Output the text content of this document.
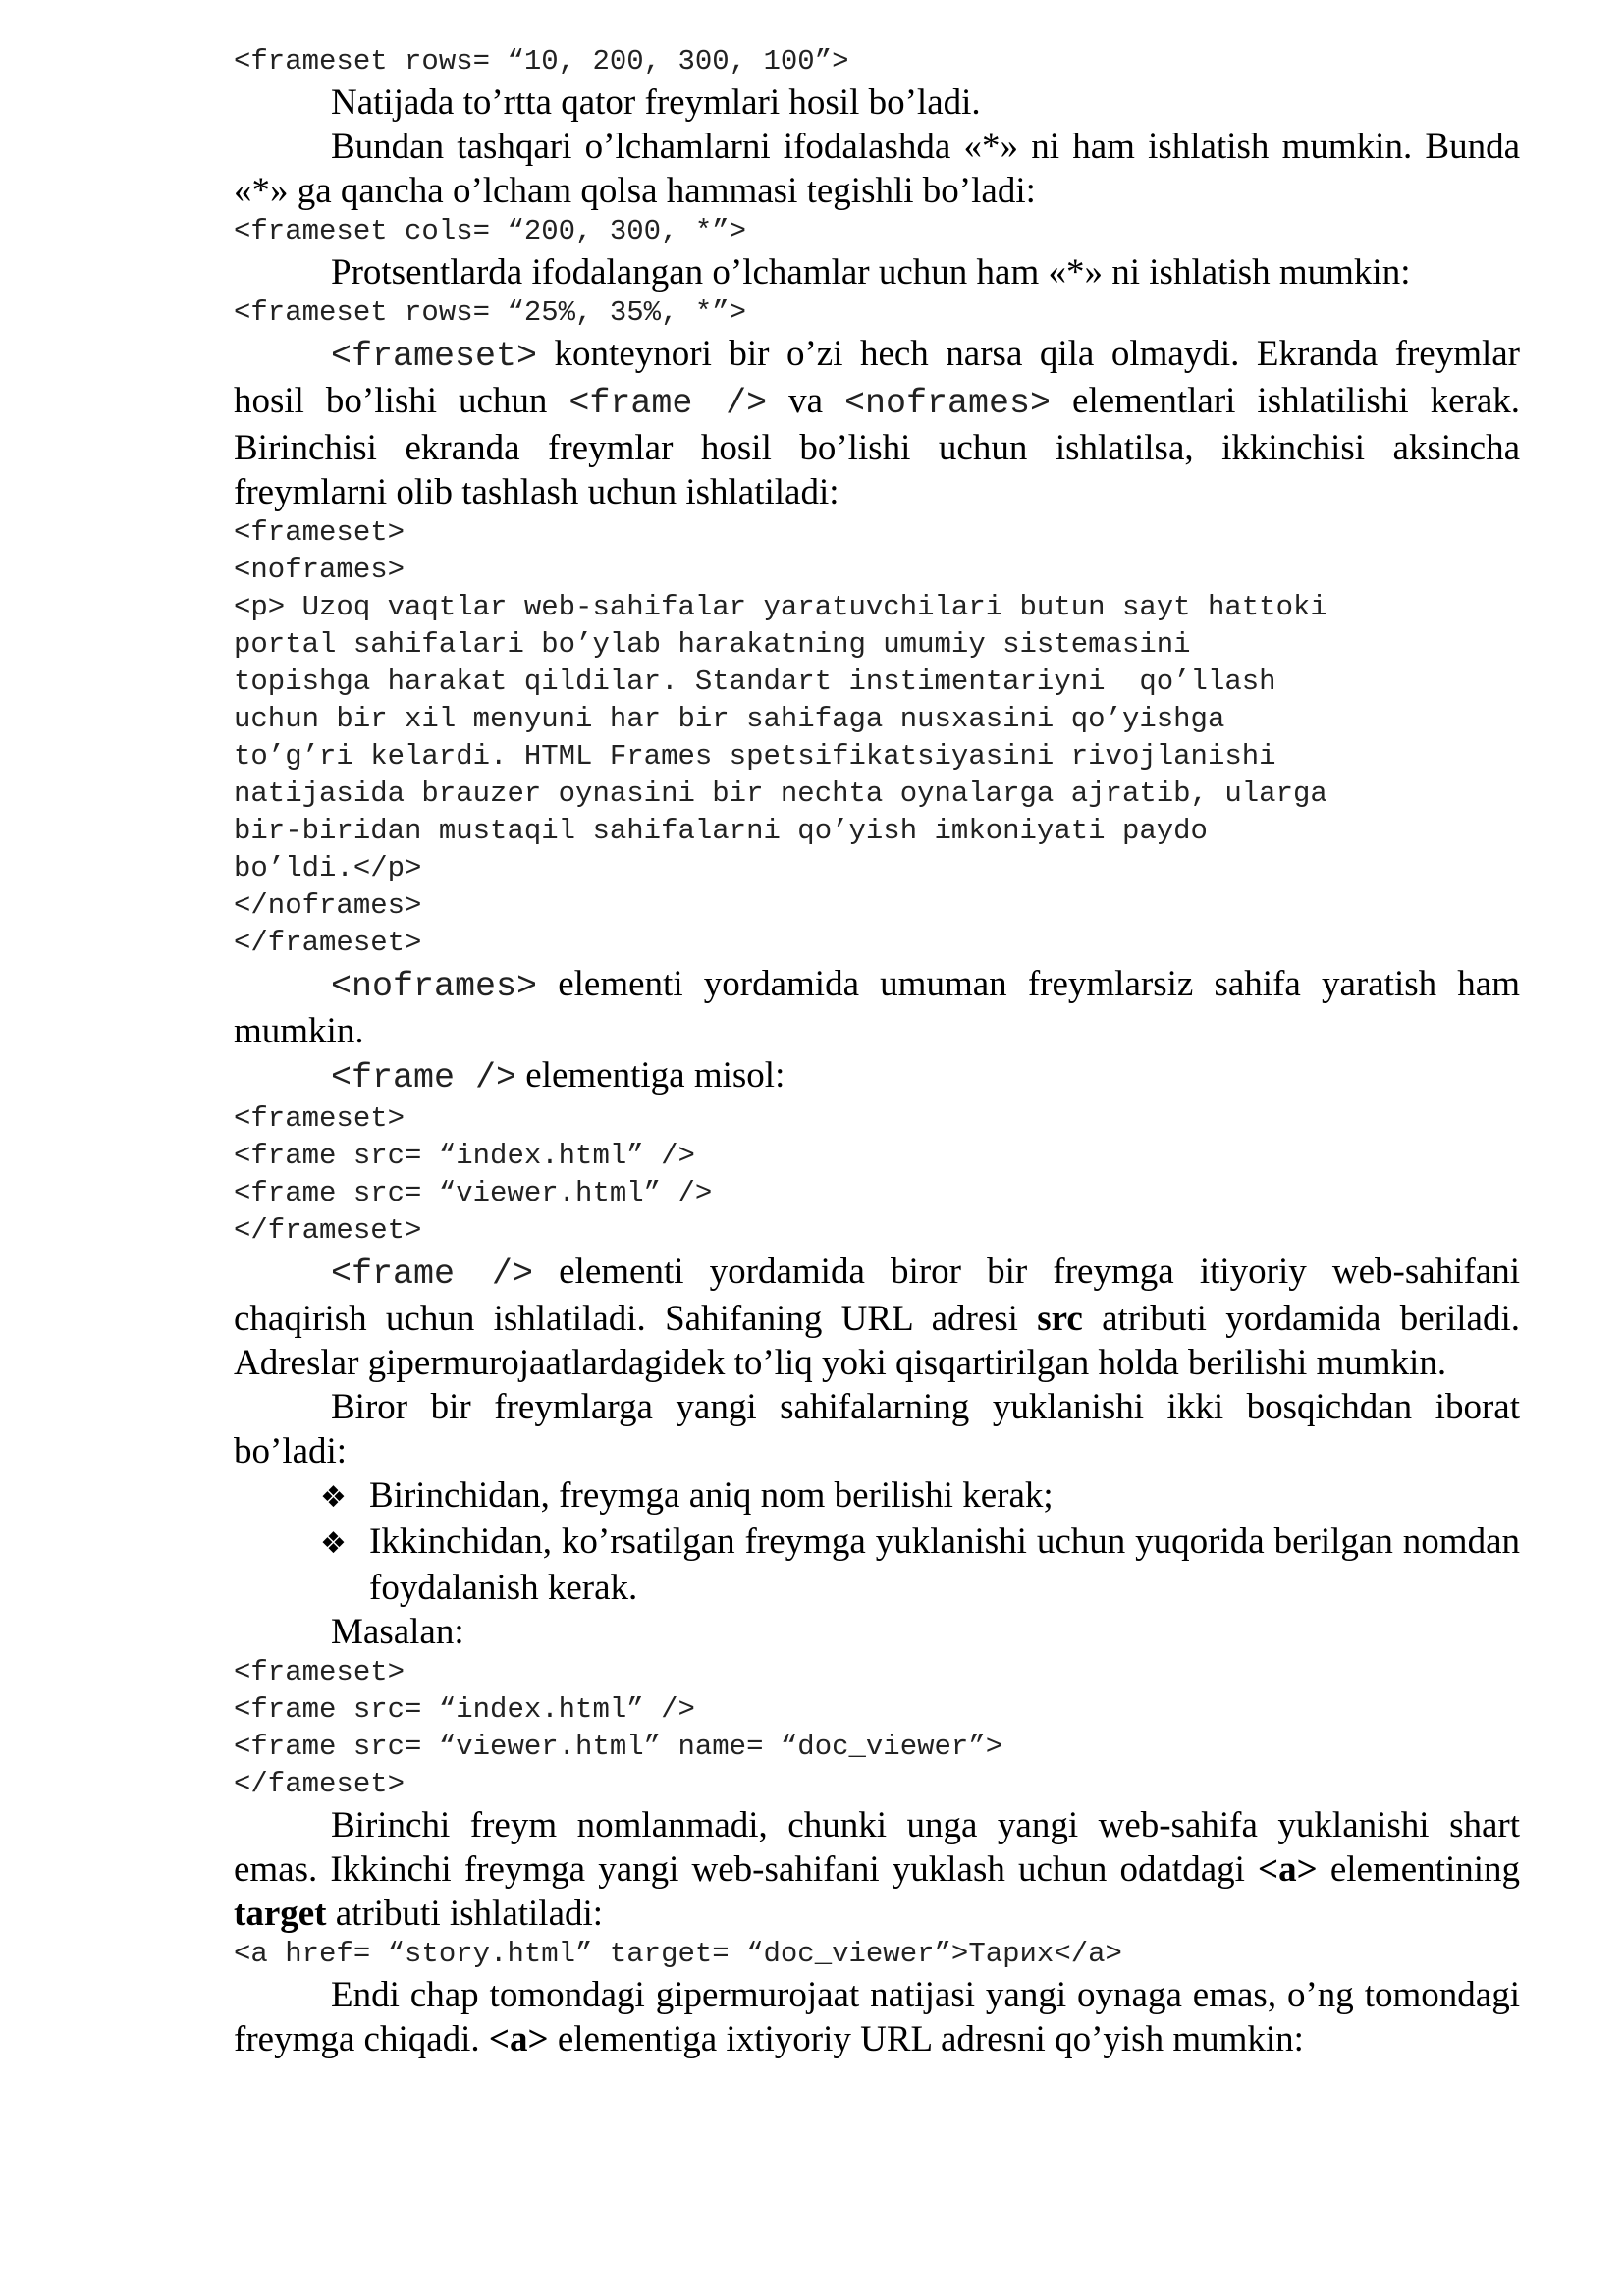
<frameset rows= “10, 200, 300, 100”>

Natijada to’rtta qator freymlari hosil bo’ladi.

Bundan tashqari o’lchamlarni ifodalashda «*» ni ham ishlatish mumkin. Bunda «*» ga qancha o’lcham qolsa hammasi tegishli bo’ladi:

<frameset cols= “200, 300, *”>

Protsentlarda ifodalangan o’lchamlar uchun ham «*» ni ishlatish mumkin:

<frameset rows= “25%, 35%, *”>

<frameset> konteynori bir o’zi hech narsa qila olmaydi. Ekranda freymlar hosil bo’lishi uchun <frame /> va <noframes> elementlari ishlatilishi kerak. Birinchisi ekranda freymlar hosil bo’lishi uchun ishlatilsa, ikkinchisi aksincha freymlarni olib tashlash uchun ishlatiladi:

<frameset>
<noframes>
<p> Uzoq vaqtlar web-sahifalar yaratuvchilari butun sayt hattoki
portal sahifalari bo’ylab harakatning umumiy sistemasini
topishga harakat qildilar. Standart instimentariyni  qo’llash
uchun bir xil menyuni har bir sahifaga nusxasini qo’yishga
to’g’ri kelardi. HTML Frames spetsifikatsiyasini rivojlanishi
natijasida brauzer oynasini bir nechta oynalarga ajratib, ularga
bir-biridan mustaqil sahifalarni qo’yish imkoniyati paydo
bo’ldi.</p>
</noframes>
</frameset>

<noframes> elementi yordamida umuman freymlarsiz sahifa yaratish ham mumkin.

<frame /> elementiga misol:

<frameset>
<frame src= “index.html” />
<frame src= “viewer.html” />
</frameset>

<frame /> elementi yordamida biror bir freymga itiyoriy web-sahifani chaqirish uchun ishlatiladi. Sahifaning URL adresi src atributi yordamida beriladi. Adreslar gipermurojaatlardagidek to’liq yoki qisqartirilgan holda berilishi mumkin.

Biror bir freymlarga yangi sahifalarning yuklanishi ikki bosqichdan iborat bo’ladi:

❖ Birinchidan, freymga aniq nom berilishi kerak;

❖ Ikkinchidan, ko’rsatilgan freymga yuklanishi uchun yuqorida berilgan nomdan foydalanish kerak.

Masalan:

<frameset>
<frame src= “index.html” />
<frame src= “viewer.html” name= “doc_viewer”>
</fameset>

Birinchi freym nomlanmadi, chunki unga yangi web-sahifa yuklanishi shart emas. Ikkinchi freymga yangi web-sahifani yuklash uchun odatdagi <a> elementining target atributi ishlatiladi:

<a href= “story.html” target= “doc_viewer”>Тарих</a>

Endi chap tomondagi gipermurojaat natijasi yangi oynaga emas, o’ng tomondagi freymga chiqadi. <a> elementiga ixtiyoriy URL adresni qo’yish mumkin:
